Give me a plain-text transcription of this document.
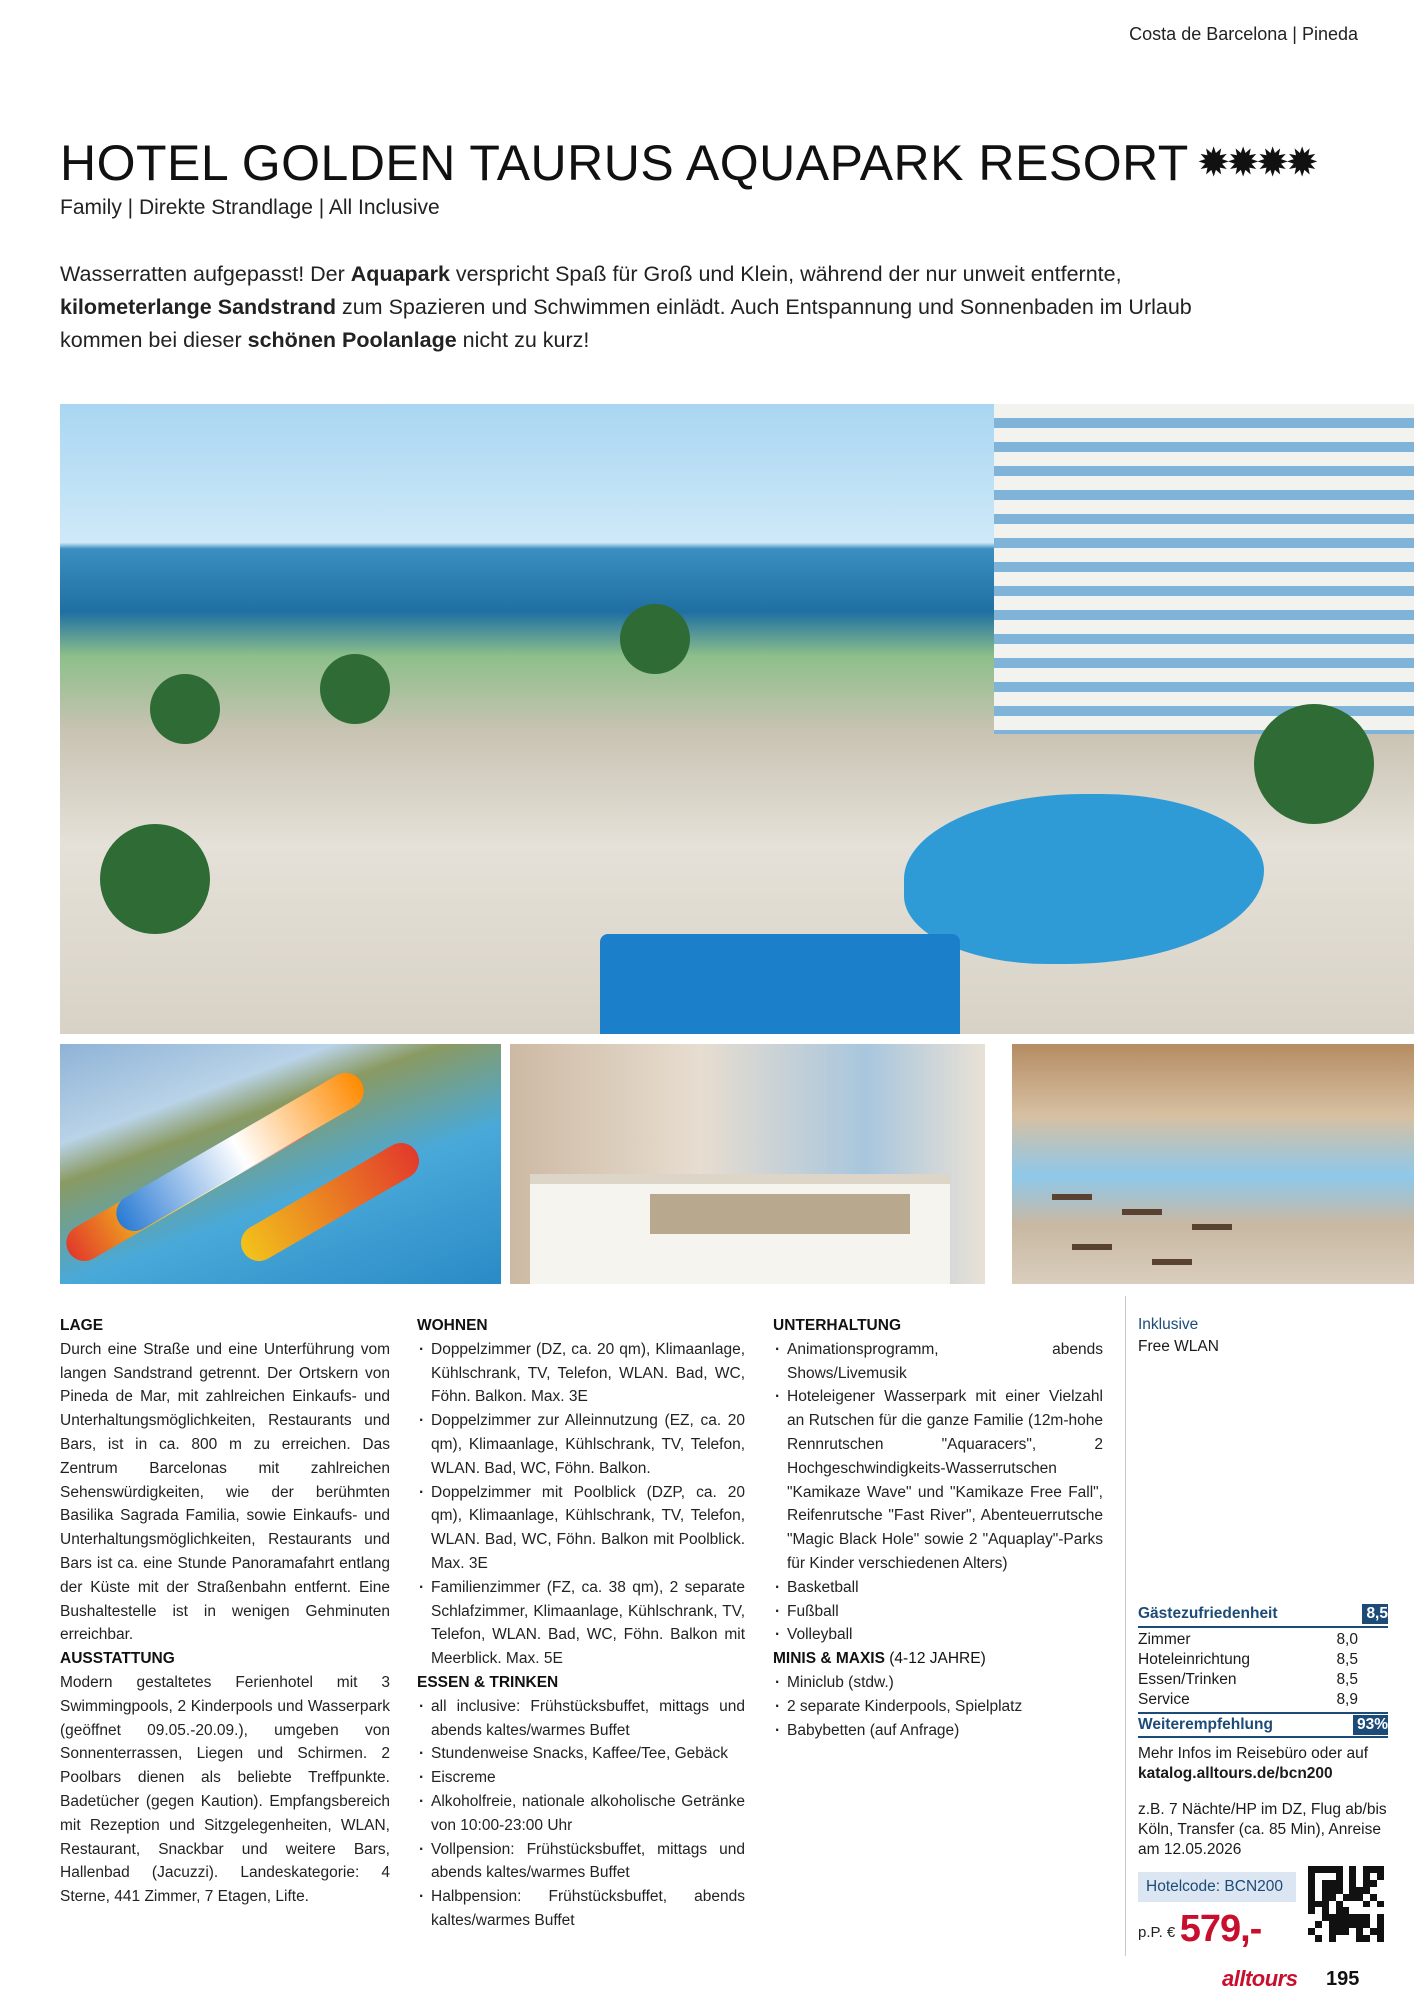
Costa de Barcelona | Pineda
HOTEL GOLDEN TAURUS AQUAPARK RESORT ✹✹✹✹
Family | Direkte Strandlage | All Inclusive

Wasserratten aufgepasst! Der Aquapark verspricht Spaß für Groß und Klein, während der nur unweit entfernte, kilometerlange Sandstrand zum Spazieren und Schwimmen einlädt. Auch Entspannung und Sonnenbaden im Urlaub kommen bei dieser schönen Poolanlage nicht zu kurz!

LAGE

Durch eine Straße und eine Unterführung vom langen Sandstrand getrennt. Der Ortskern von Pineda de Mar, mit zahlreichen Einkaufs- und Unterhaltungsmöglichkeiten, Restaurants und Bars, ist in ca. 800 m zu erreichen. Das Zentrum Barcelonas mit zahlreichen Sehenswürdigkeiten, wie der berühmten Basilika Sagrada Familia, sowie Einkaufs- und Unterhaltungsmöglichkeiten, Restaurants und Bars ist ca. eine Stunde Panoramafahrt entlang der Küste mit der Straßenbahn entfernt. Eine Bushaltestelle ist in wenigen Gehminuten erreichbar.

AUSSTATTUNG

Modern gestaltetes Ferienhotel mit 3 Swimmingpools, 2 Kinderpools und Wasserpark (geöffnet 09.05.-20.09.), umgeben von Sonnenterrassen, Liegen und Schirmen. 2 Poolbars dienen als beliebte Treffpunkte. Badetücher (gegen Kaution). Empfangsbereich mit Rezeption und Sitzgelegenheiten, WLAN, Restaurant, Snackbar und weitere Bars, Hallenbad (Jacuzzi). Landeskategorie: 4 Sterne, 441 Zimmer, 7 Etagen, Lifte.

WOHNEN
· Doppelzimmer (DZ, ca. 20 qm), Klimaanlage, Kühlschrank, TV, Telefon, WLAN. Bad, WC, Föhn. Balkon. Max. 3E
· Doppelzimmer zur Alleinnutzung (EZ, ca. 20 qm), Klimaanlage, Kühlschrank, TV, Telefon, WLAN. Bad, WC, Föhn. Balkon.
· Doppelzimmer mit Poolblick (DZP, ca. 20 qm), Klimaanlage, Kühlschrank, TV, Telefon, WLAN. Bad, WC, Föhn. Balkon mit Poolblick. Max. 3E
· Familienzimmer (FZ, ca. 38 qm), 2 separate Schlafzimmer, Klimaanlage, Kühlschrank, TV, Telefon, WLAN. Bad, WC, Föhn. Balkon mit Meerblick. Max. 5E
ESSEN & TRINKEN
· all inclusive: Frühstücksbuffet, mittags und abends kaltes/warmes Buffet
· Stundenweise Snacks, Kaffee/Tee, Gebäck
· Eiscreme
· Alkoholfreie, nationale alkoholische Getränke von 10:00-23:00 Uhr
· Vollpension: Frühstücksbuffet, mittags und abends kaltes/warmes Buffet
· Halbpension: Frühstücksbuffet, abends kaltes/warmes Buffet
UNTERHALTUNG
· Animationsprogramm, abends Shows/Livemusik
· Hoteleigener Wasserpark mit einer Vielzahl an Rutschen für die ganze Familie (12m-hohe Rennrutschen "Aquaracers", 2 Hochgeschwindigkeits-Wasserrutschen "Kamikaze Wave" und "Kamikaze Free Fall", Reifenrutsche "Fast River", Abenteuerrutsche "Magic Black Hole" sowie 2 "Aquaplay"-Parks für Kinder verschiedenen Alters)
· Basketball
· Fußball
· Volleyball
MINIS & MAXIS (4-12 JAHRE)
· Miniclub (stdw.)
· 2 separate Kinderpools, Spielplatz
· Babybetten (auf Anfrage)
Inklusive
Free WLAN
Gästezufriedenheit	8,5
Zimmer	8,0
Hoteleinrichtung	8,5
Essen/Trinken	8,5
Service	8,9
Weiterempfehlung	93%
Mehr Infos im Reisebüro oder auf
katalog.alltours.de/bcn200
z.B. 7 Nächte/HP im DZ, Flug ab/bis Köln, Transfer (ca. 85 Min), Anreise am 12.05.2026
Hotelcode: BCN200
p.P. € 579,-
alltours 195
